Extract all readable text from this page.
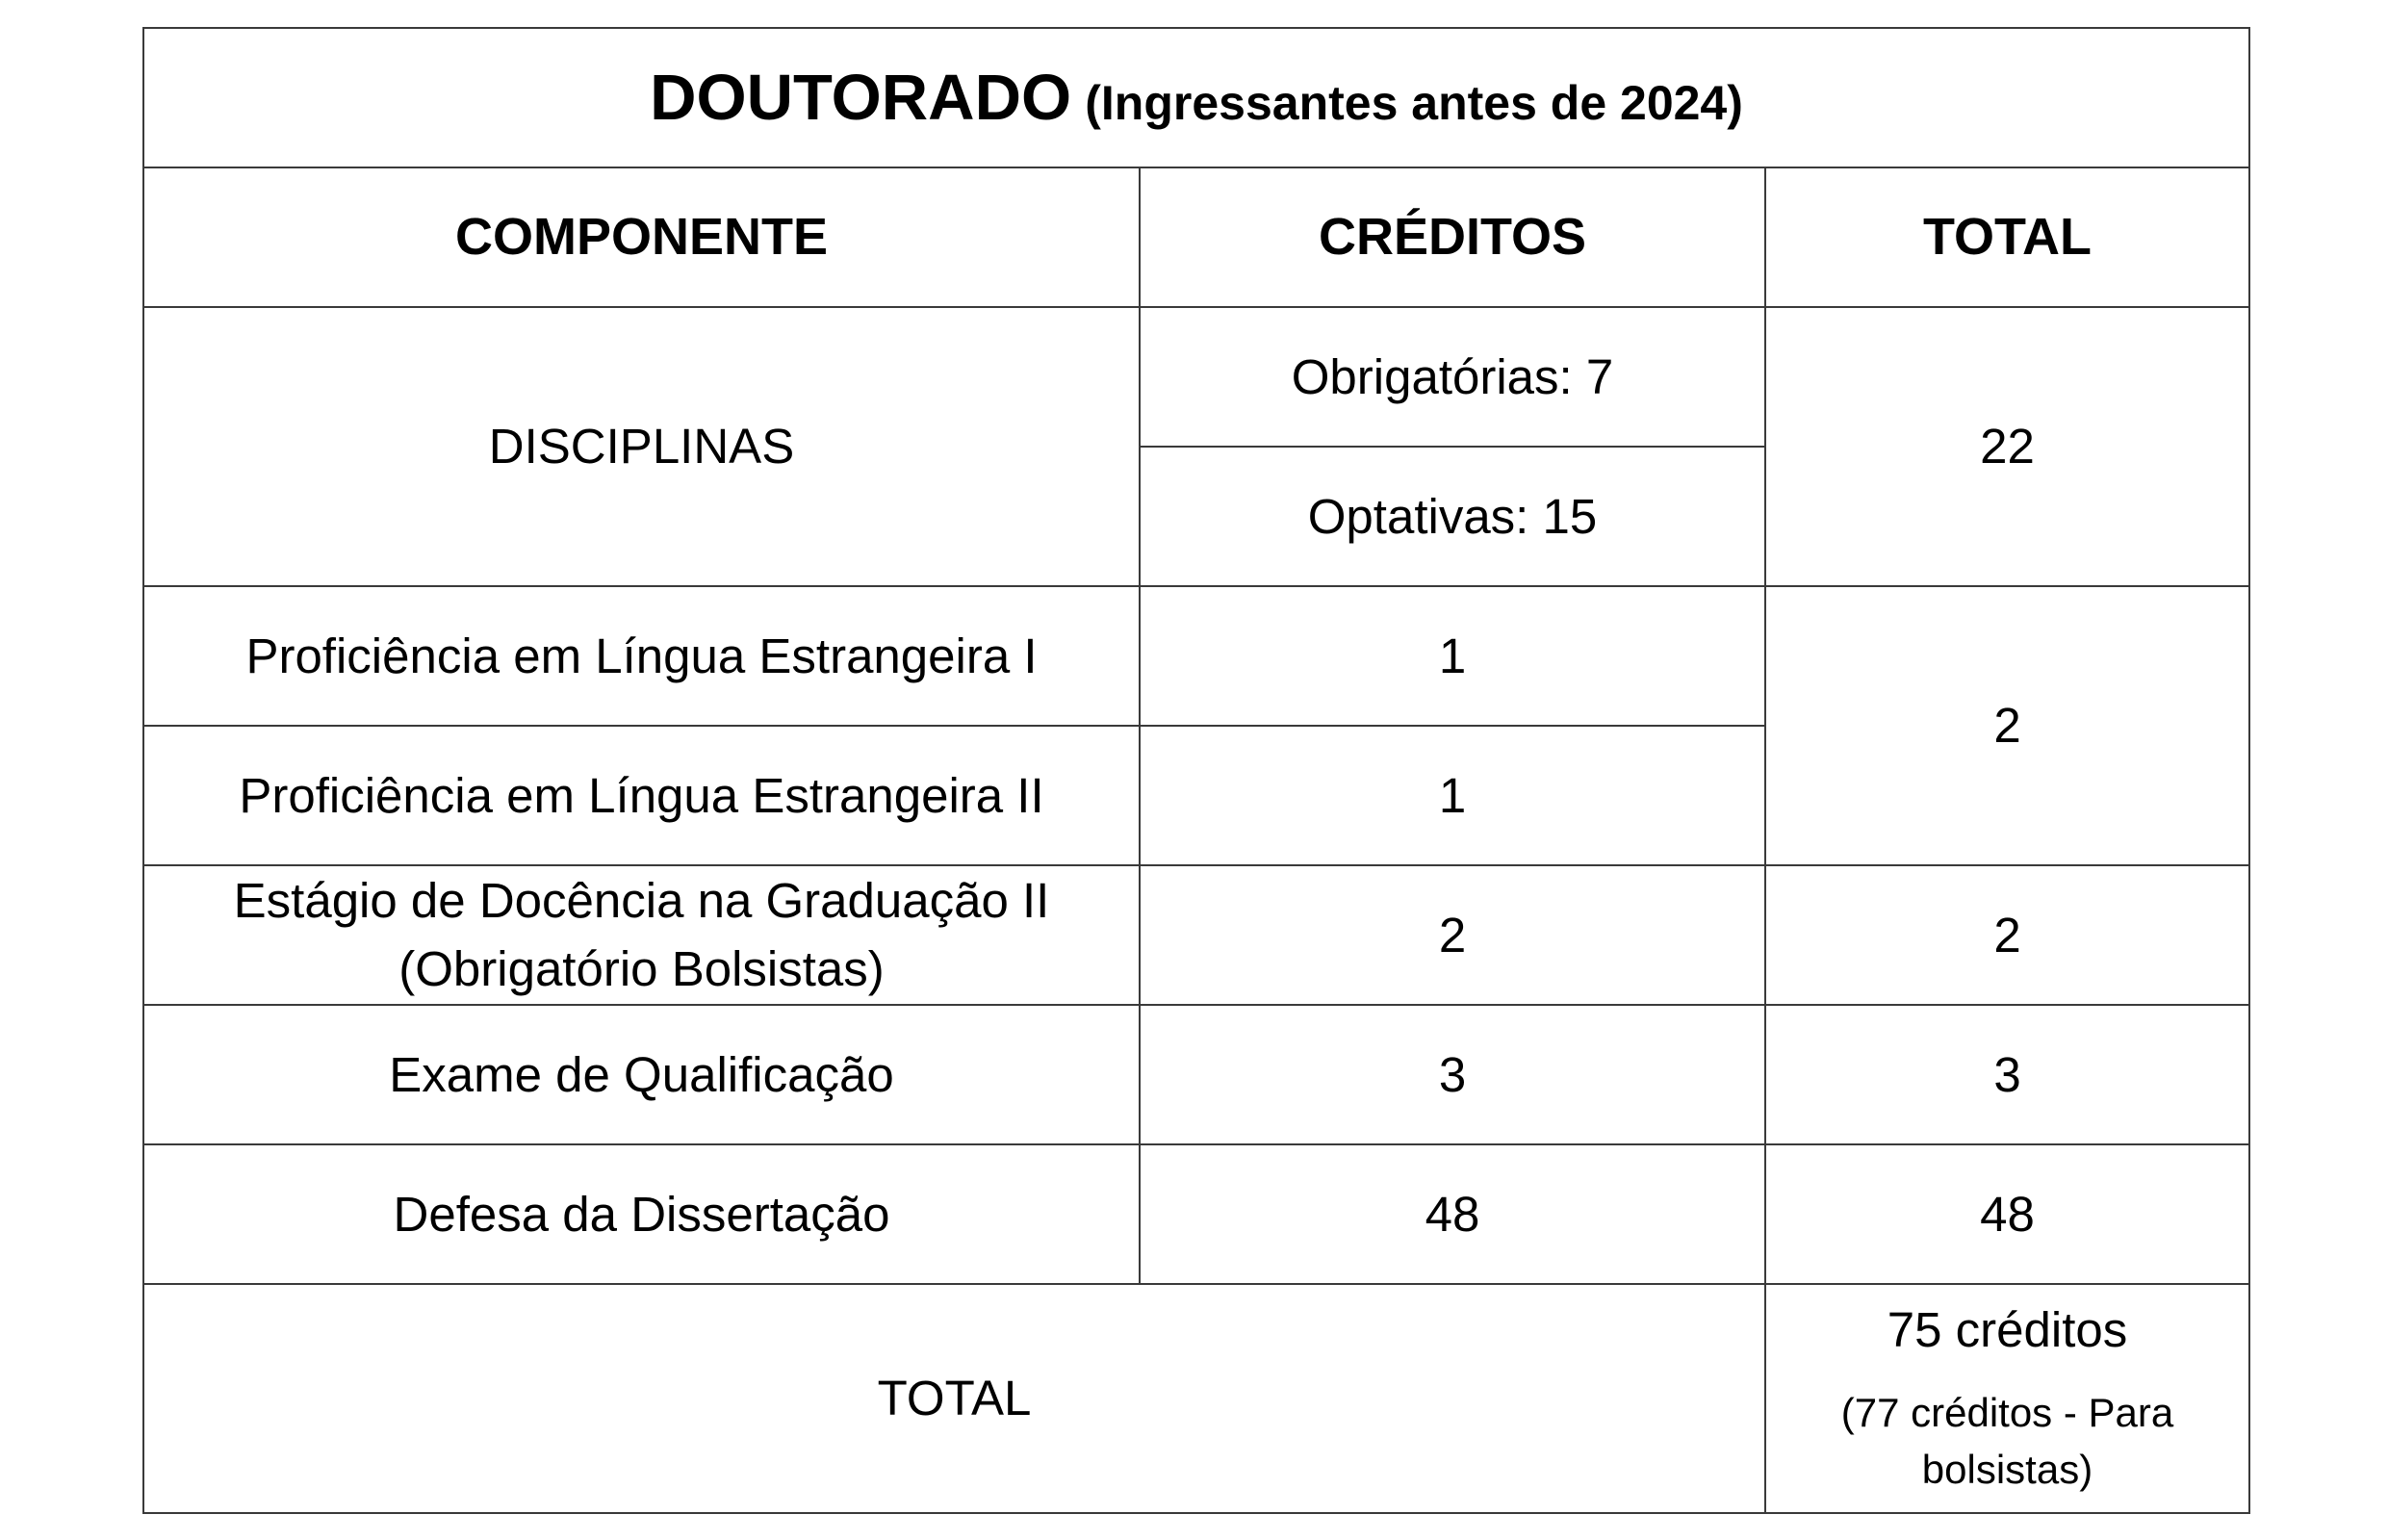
DOUTORADO (Ingressantes antes de 2024)		
COMPONENTE	CRÉDITOS	TOTAL
DISCIPLINAS	Obrigatórias: 7	22
	Optativas: 15	
Proficiência em Língua Estrangeira I	1	2
Proficiência em Língua Estrangeira II	1	
Estágio de Docência na Graduação II
(Obrigatório Bolsistas)	2	2
Exame de Qualificação	3	3
Defesa da Dissertação	48	48
TOTAL		75 créditos
(77 créditos - Para
bolsistas)
